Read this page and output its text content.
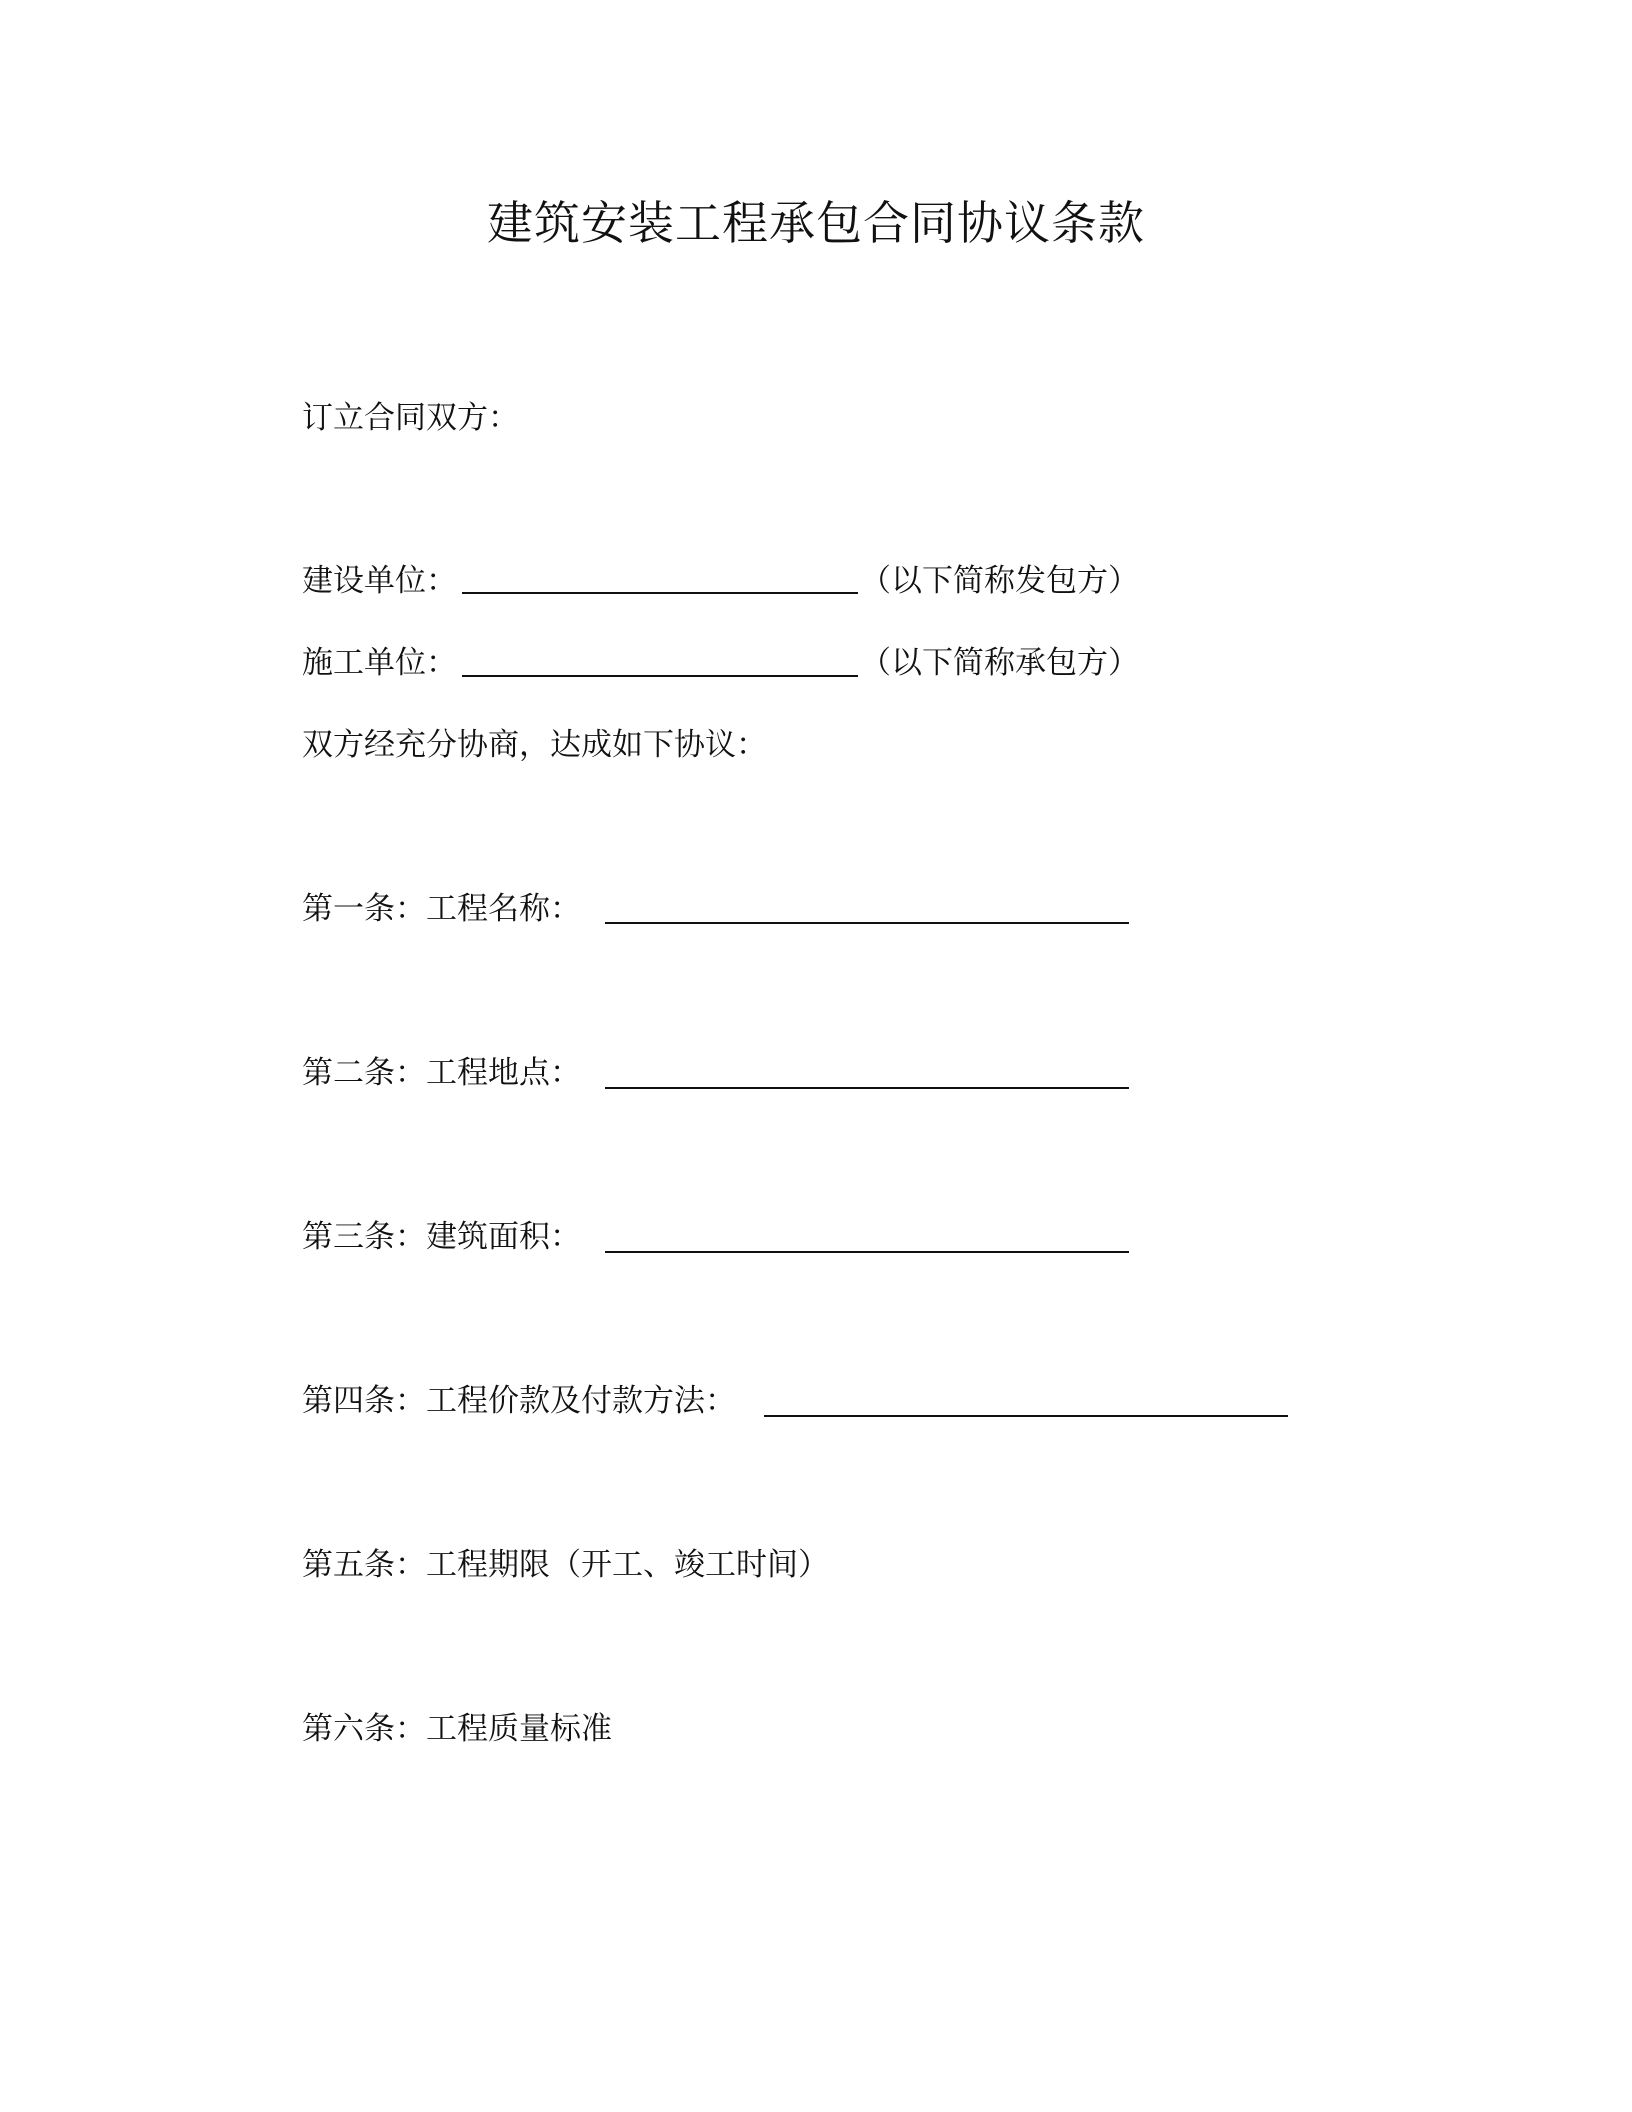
建筑安装工程承包合同协议条款
订立合同双方：
建设单位：	（以下简称发包方）
施工单位：	（以下简称承包方）
双方经充分协商，达成如下协议：
第一条：工程名称：
第二条：工程地点：
第三条：建筑面积：
第四条：工程价款及付款方法：
第五条：工程期限（开工、竣工时间）
第六条：工程质量标准
